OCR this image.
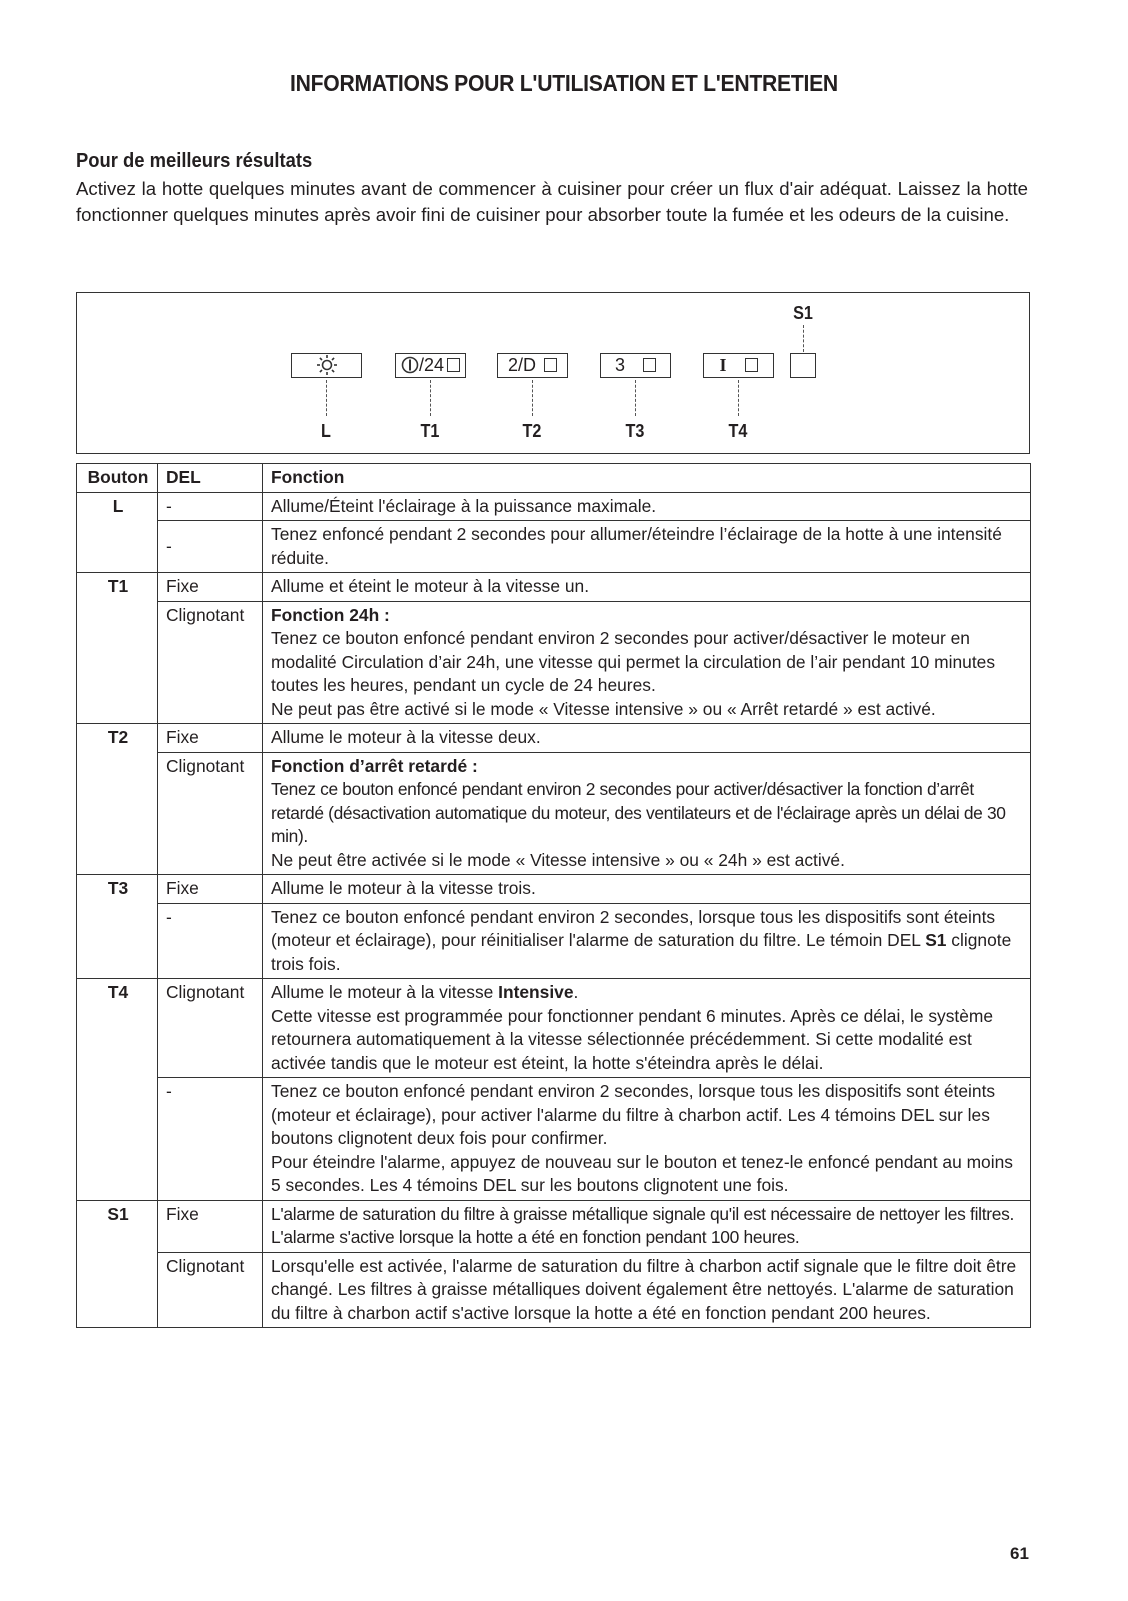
INFORMATIONS POUR L'UTILISATION ET L'ENTRETIEN
Pour de meilleurs résultats
Activez la hotte quelques minutes avant de commencer à cuisiner pour créer un flux d'air adéquat. Laissez la hotte fonctionner quelques minutes après avoir fini de cuisiner pour absorber toute la fumée et les odeurs de la cuisine.
/24	2/D	3	I
L	T1	T2	T3	T4
S1
Bouton	DEL	Fonction
L	-	Allume/Éteint l'éclairage à la puissance maximale.
	-	Tenez enfoncé pendant 2 secondes pour allumer/éteindre l’éclairage de la hotte à une intensité réduite.
T1	Fixe	Allume et éteint le moteur à la vitesse un.
	Clignotant	Fonction 24h :
Tenez ce bouton enfoncé pendant environ 2 secondes pour activer/désactiver le moteur en modalité Circulation d’air 24h, une vitesse qui permet la circulation de l’air pendant 10 minutes toutes les heures, pendant un cycle de 24 heures.
Ne peut pas être activé si le mode « Vitesse intensive » ou « Arrêt retardé » est activé.

T2	Fixe	Allume le moteur à la vitesse deux.
	Clignotant	Fonction d’arrêt retardé :
Tenez ce bouton enfoncé pendant environ 2 secondes pour activer/désactiver la fonction d’arrêt retardé (désactivation automatique du moteur, des ventilateurs et de l'éclairage après un délai de 30 min).
Ne peut être activée si le mode « Vitesse intensive » ou « 24h » est activé.

T3	Fixe	Allume le moteur à la vitesse trois.
	-	Tenez ce bouton enfoncé pendant environ 2 secondes, lorsque tous les dispositifs sont éteints (moteur et éclairage), pour réinitialiser l'alarme de saturation du filtre. Le témoin DEL S1 clignote trois fois.
T4	Clignotant	Allume le moteur à la vitesse Intensive.
Cette vitesse est programmée pour fonctionner pendant 6 minutes. Après ce délai, le système retournera automatiquement à la vitesse sélectionnée précédemment. Si cette modalité est activée tandis que le moteur est éteint, la hotte s'éteindra après le délai.

	-	Tenez ce bouton enfoncé pendant environ 2 secondes, lorsque tous les dispositifs sont éteints (moteur et éclairage), pour activer l'alarme du filtre à charbon actif. Les 4 témoins DEL sur les boutons clignotent deux fois pour confirmer.
Pour éteindre l'alarme, appuyez de nouveau sur le bouton et tenez-le enfoncé pendant au moins 5 secondes. Les 4 témoins DEL sur les boutons clignotent une fois.

S1	Fixe	L'alarme de saturation du filtre à graisse métallique signale qu'il est nécessaire de nettoyer les filtres. L'alarme s'active lorsque la hotte a été en fonction pendant 100 heures.
	Clignotant	Lorsqu'elle est activée, l'alarme de saturation du filtre à charbon actif signale que le filtre doit être changé. Les filtres à graisse métalliques doivent également être nettoyés. L'alarme de saturation du filtre à charbon actif s'active lorsque la hotte a été en fonction pendant 200 heures.
61
